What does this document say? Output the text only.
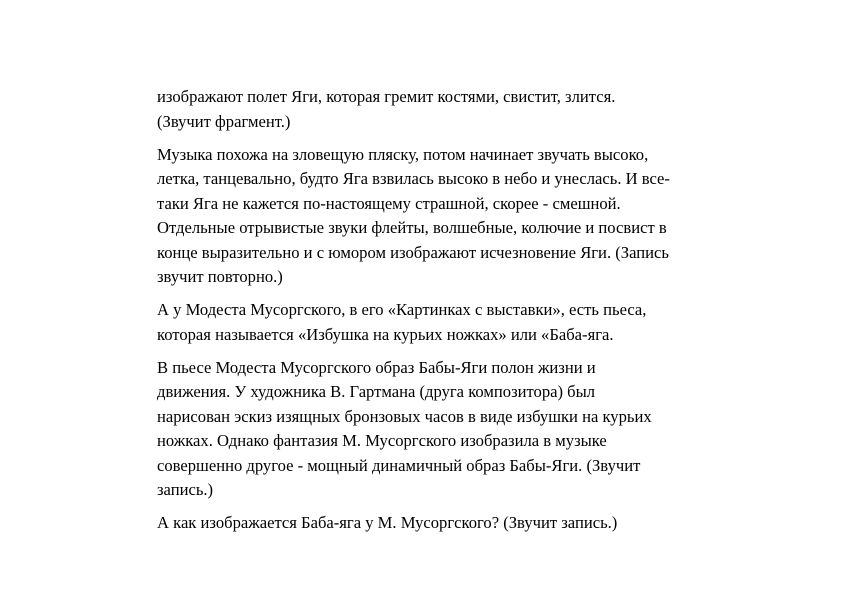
изображают полет Яги, которая гремит костями, свистит, злится.
(Звучит фрагмент.)

Музыка похожа на зловещую пляску, потом начинает звучать высоко,
летка, танцевально, будто Яга взвилась высоко в небо и унеслась. И все-
таки Яга не кажется по-настоящему страшной, скорее - смешной.
Отдельные отрывистые звуки флейты, волшебные, колючие и посвист в
конце выразительно и с юмором изображают исчезновение Яги. (Запись
звучит повторно.)

А у Модеста Мусоргского, в его «Картинках с выставки», есть пьеса,
которая называется «Избушка на курьих ножках» или «Баба-яга.

В пьесе Модеста Мусоргского образ Бабы-Яги полон жизни и
движения. У художника В. Гартмана (друга композитора) был
нарисован эскиз изящных бронзовых часов в виде избушки на курьих
ножках. Однако фантазия М. Мусоргского изобразила в музыке
совершенно другое - мощный динамичный образ Бабы-Яги. (Звучит
запись.)

А как изображается Баба-яга у М. Мусоргского? (Звучит запись.)
